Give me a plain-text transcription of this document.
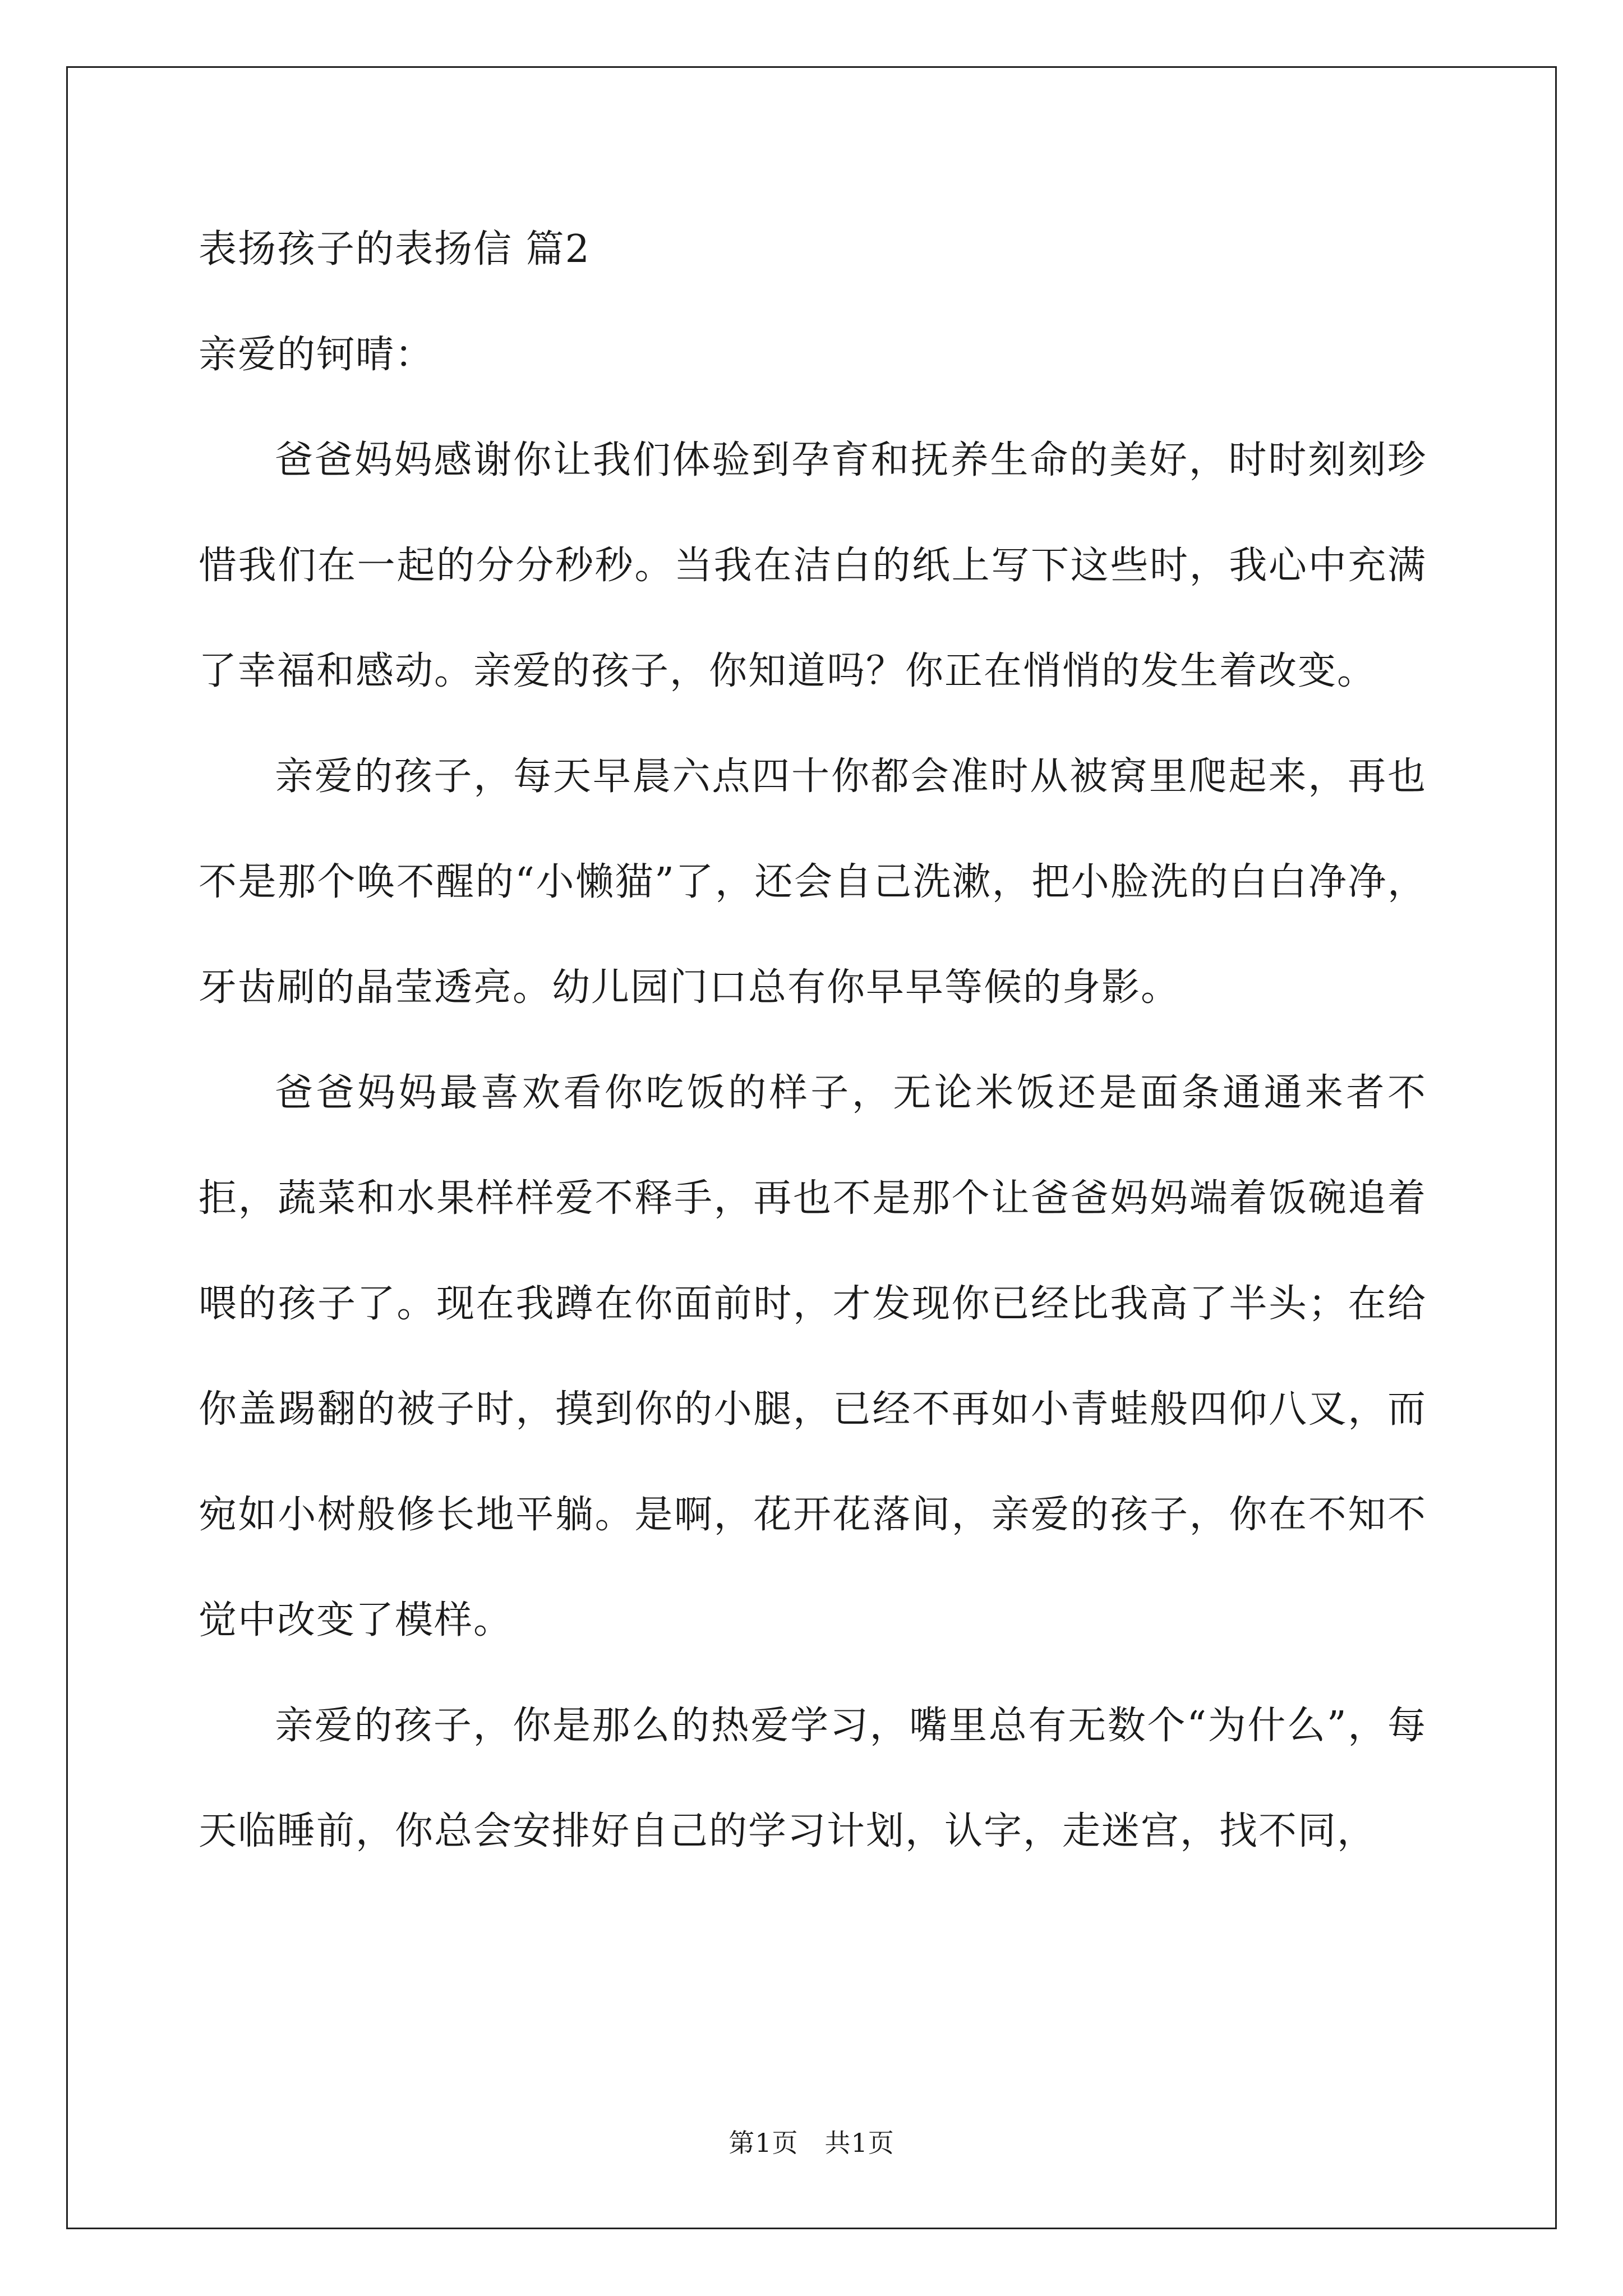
表扬孩子的表扬信 篇2
亲爱的钶晴：

爸爸妈妈感谢你让我们体验到孕育和抚养生命的美好，时时刻刻珍惜我们在一起的分分秒秒。当我在洁白的纸上写下这些时，我心中充满了幸福和感动。亲爱的孩子，你知道吗？你正在悄悄的发生着改变。

亲爱的孩子，每天早晨六点四十你都会准时从被窝里爬起来，再也不是那个唤不醒的“小懒猫”了，还会自己洗漱，把小脸洗的白白净净，牙齿刷的晶莹透亮。幼儿园门口总有你早早等候的身影。

爸爸妈妈最喜欢看你吃饭的样子，无论米饭还是面条通通来者不拒，蔬菜和水果样样爱不释手，再也不是那个让爸爸妈妈端着饭碗追着喂的孩子了。现在我蹲在你面前时，才发现你已经比我高了半头；在给你盖踢翻的被子时，摸到你的小腿，已经不再如小青蛙般四仰八叉，而宛如小树般修长地平躺。是啊，花开花落间，亲爱的孩子，你在不知不觉中改变了模样。

亲爱的孩子，你是那么的热爱学习，嘴里总有无数个“为什么”，每天临睡前，你总会安排好自己的学习计划，认字，走迷宫，找不同，

第1页　共1页
